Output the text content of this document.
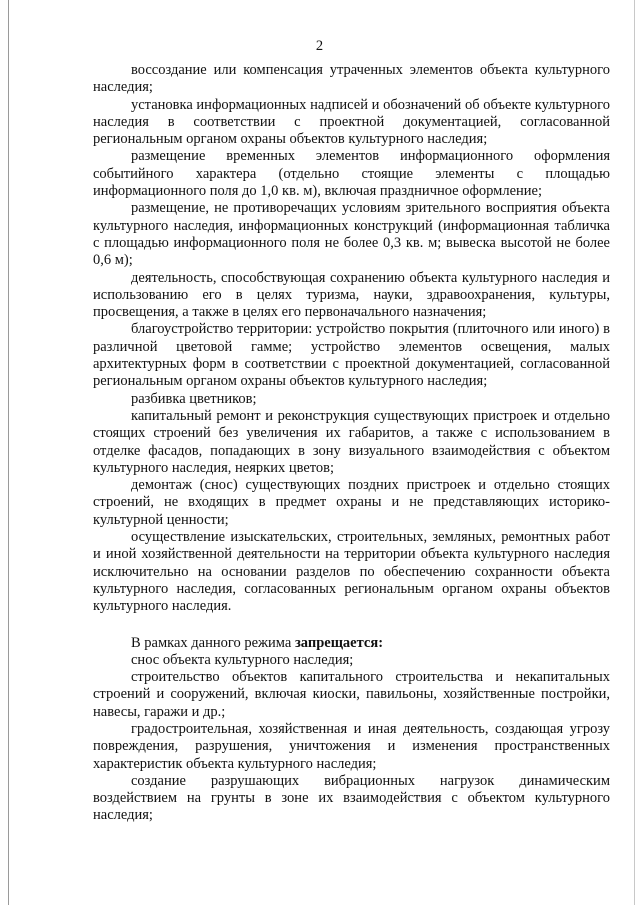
2

воссоздание или компенсация утраченных элементов объекта культурного наследия;

установка информационных надписей и обозначений об объекте культурного наследия в соответствии с проектной документацией, согласованной региональным органом охраны объектов культурного наследия;

размещение временных элементов информационного оформления событийного характера (отдельно стоящие элементы с площадью информационного поля до 1,0 кв. м), включая праздничное оформление;

размещение, не противоречащих условиям зрительного восприятия объекта культурного наследия, информационных конструкций (информационная табличка с площадью информационного поля не более 0,3 кв. м; вывеска высотой не более 0,6 м);

деятельность, способствующая сохранению объекта культурного наследия и использованию его в целях туризма, науки, здравоохранения, культуры, просвещения, а также в целях его первоначального назначения;

благоустройство территории: устройство покрытия (плиточного или иного) в различной цветовой гамме; устройство элементов освещения, малых архитектурных форм в соответствии с проектной документацией, согласованной региональным органом охраны объектов культурного наследия;

разбивка цветников;

капитальный ремонт и реконструкция существующих пристроек и отдельно стоящих строений без увеличения их габаритов, а также с использованием в отделке фасадов, попадающих в зону визуального взаимодействия с объектом культурного наследия, неярких цветов;

демонтаж (снос) существующих поздних пристроек и отдельно стоящих строений, не входящих в предмет охраны и не представляющих историко-культурной ценности;

осуществление изыскательских, строительных, земляных, ремонтных работ и иной хозяйственной деятельности на территории объекта культурного наследия исключительно на основании разделов по обеспечению сохранности объекта культурного наследия, согласованных региональным органом охраны объектов культурного наследия.

В рамках данного режима запрещается:

снос объекта культурного наследия;

строительство объектов капитального строительства и некапитальных строений и сооружений, включая киоски, павильоны, хозяйственные постройки, навесы, гаражи и др.;

градостроительная, хозяйственная и иная деятельность, создающая угрозу повреждения, разрушения, уничтожения и изменения пространственных характеристик объекта культурного наследия;

создание разрушающих вибрационных нагрузок динамическим воздействием на грунты в зоне их взаимодействия с объектом культурного наследия;
